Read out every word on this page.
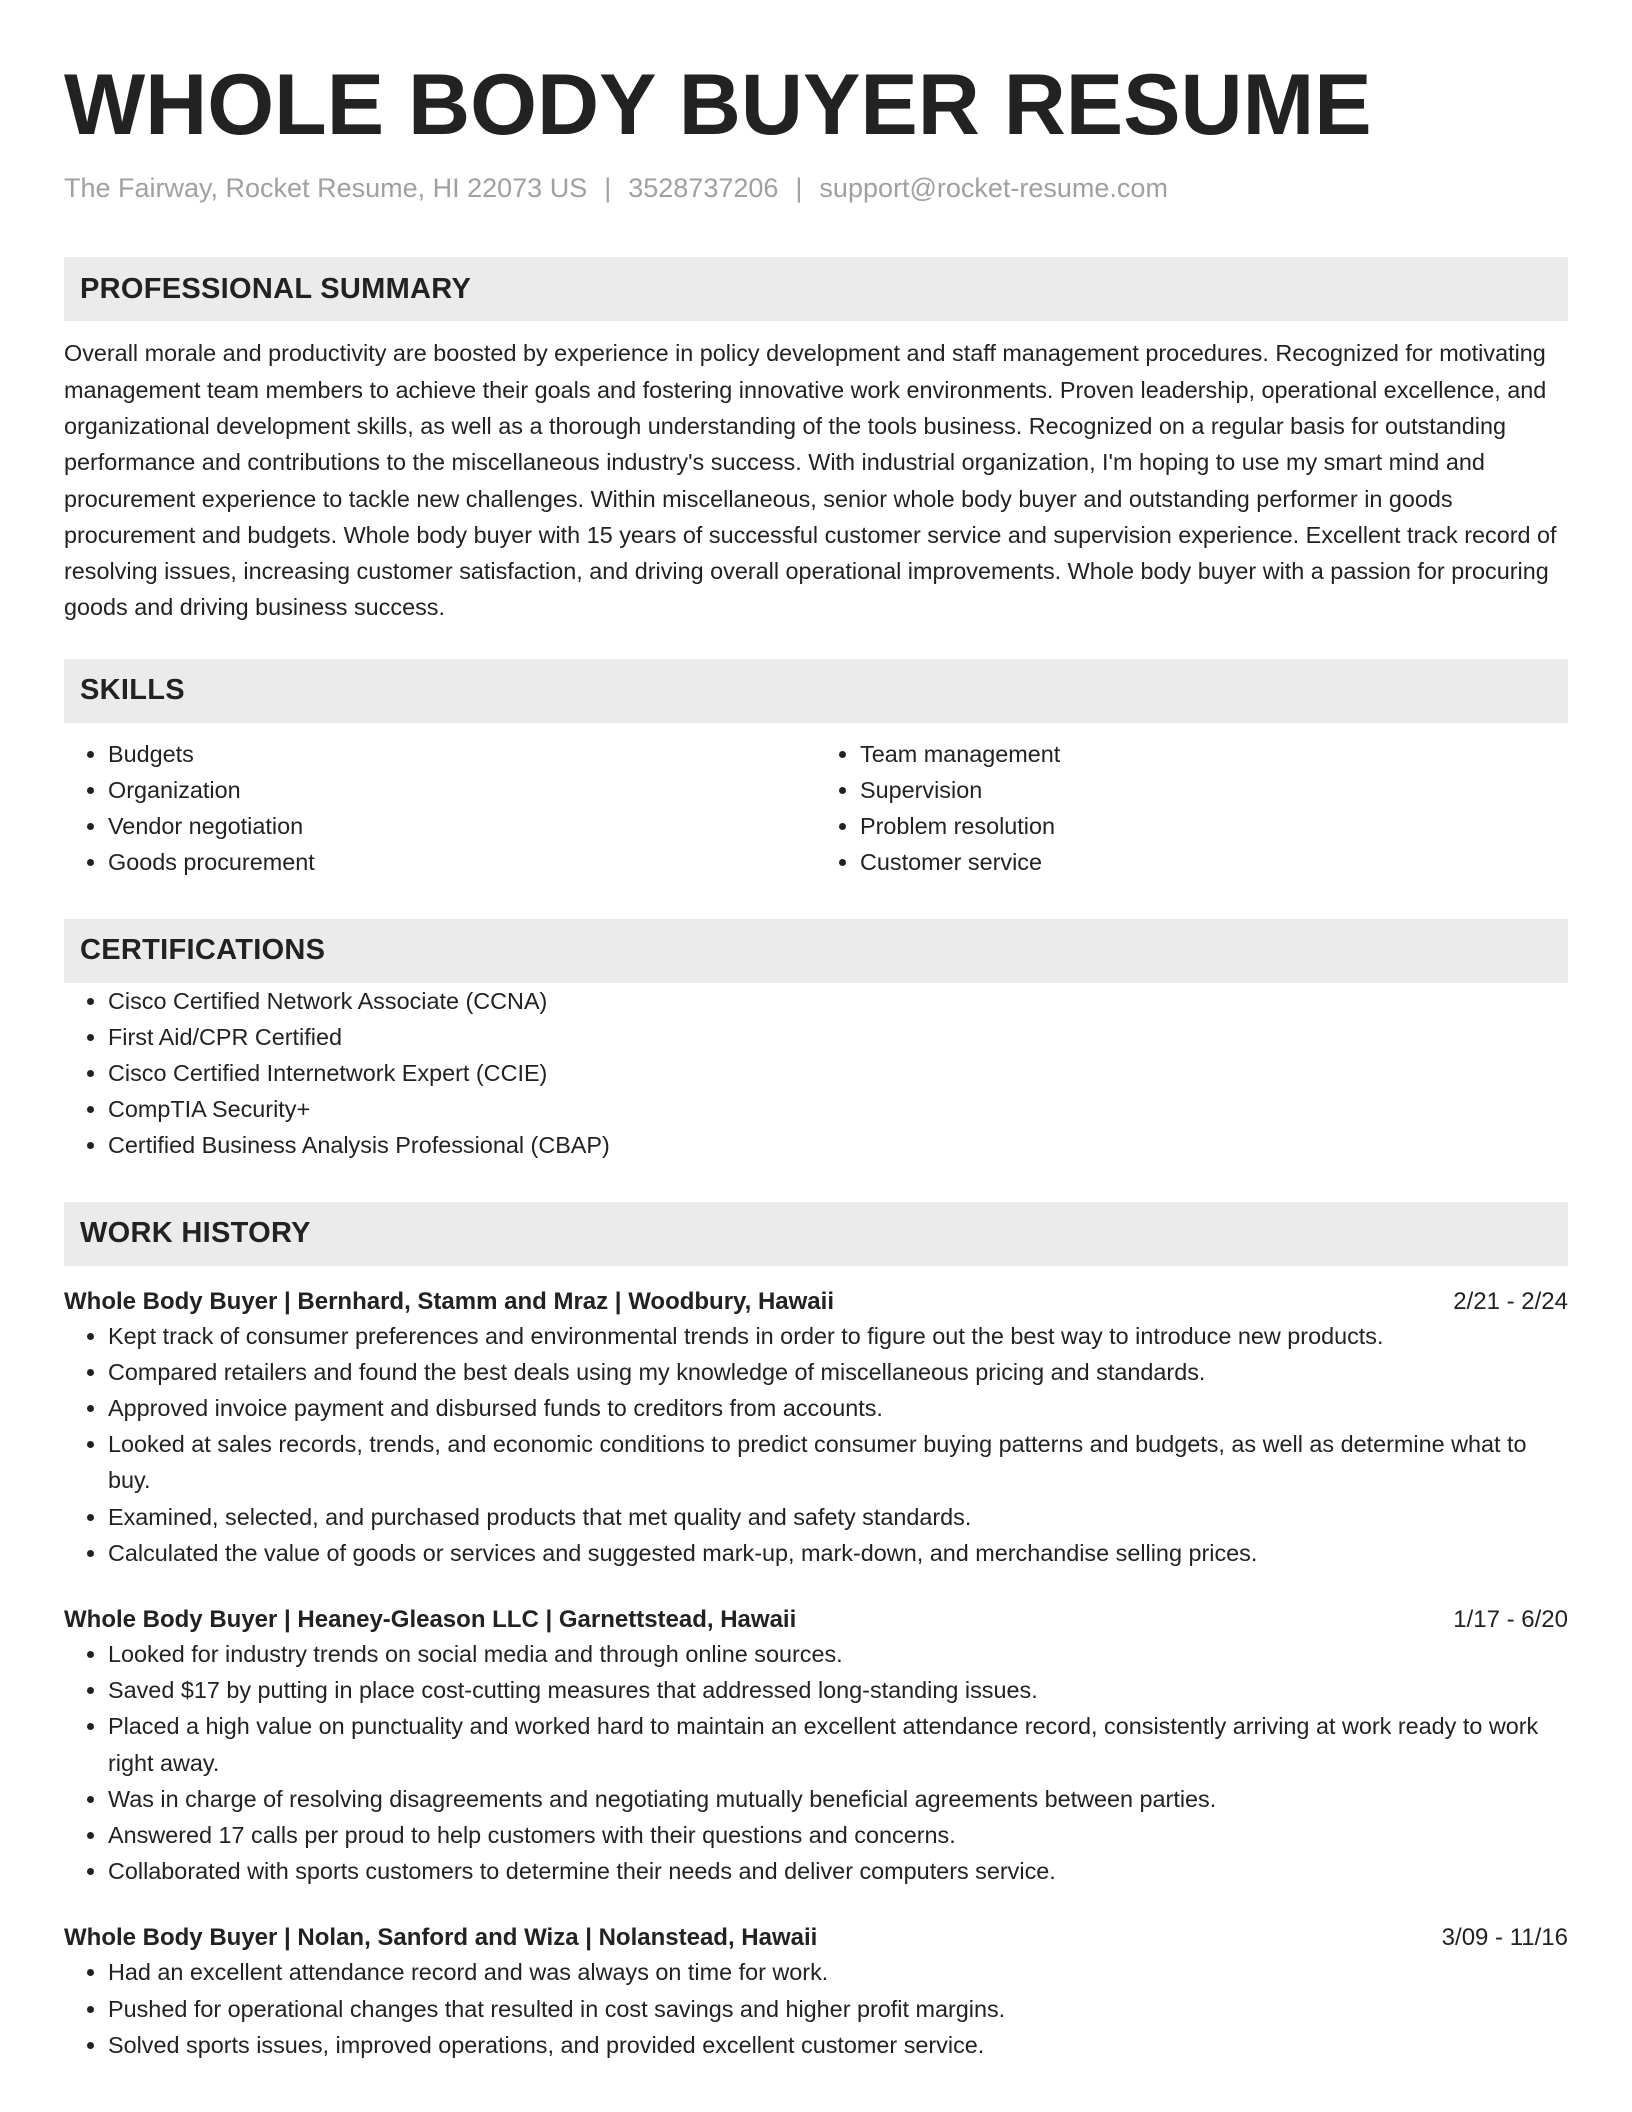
WHOLE BODY BUYER RESUME
The Fairway, Rocket Resume, HI 22073 US | 3528737206 | support@rocket-resume.com
PROFESSIONAL SUMMARY
Overall morale and productivity are boosted by experience in policy development and staff management procedures. Recognized for motivating management team members to achieve their goals and fostering innovative work environments. Proven leadership, operational excellence, and organizational development skills, as well as a thorough understanding of the tools business. Recognized on a regular basis for outstanding performance and contributions to the miscellaneous industry's success. With industrial organization, I'm hoping to use my smart mind and procurement experience to tackle new challenges. Within miscellaneous, senior whole body buyer and outstanding performer in goods procurement and budgets. Whole body buyer with 15 years of successful customer service and supervision experience. Excellent track record of resolving issues, increasing customer satisfaction, and driving overall operational improvements. Whole body buyer with a passion for procuring goods and driving business success.
SKILLS
• Budgets
• Organization
• Vendor negotiation
• Goods procurement
• Team management
• Supervision
• Problem resolution
• Customer service
CERTIFICATIONS
• Cisco Certified Network Associate (CCNA)
• First Aid/CPR Certified
• Cisco Certified Internetwork Expert (CCIE)
• CompTIA Security+
• Certified Business Analysis Professional (CBAP)
WORK HISTORY
Whole Body Buyer | Bernhard, Stamm and Mraz | Woodbury, Hawaii	2/21 - 2/24
• Kept track of consumer preferences and environmental trends in order to figure out the best way to introduce new products.
• Compared retailers and found the best deals using my knowledge of miscellaneous pricing and standards.
• Approved invoice payment and disbursed funds to creditors from accounts.
• Looked at sales records, trends, and economic conditions to predict consumer buying patterns and budgets, as well as determine what to buy.
• Examined, selected, and purchased products that met quality and safety standards.
• Calculated the value of goods or services and suggested mark-up, mark-down, and merchandise selling prices.
Whole Body Buyer | Heaney-Gleason LLC | Garnettstead, Hawaii	1/17 - 6/20
• Looked for industry trends on social media and through online sources.
• Saved $17 by putting in place cost-cutting measures that addressed long-standing issues.
• Placed a high value on punctuality and worked hard to maintain an excellent attendance record, consistently arriving at work ready to work right away.
• Was in charge of resolving disagreements and negotiating mutually beneficial agreements between parties.
• Answered 17 calls per proud to help customers with their questions and concerns.
• Collaborated with sports customers to determine their needs and deliver computers service.
Whole Body Buyer | Nolan, Sanford and Wiza | Nolanstead, Hawaii	3/09 - 11/16
• Had an excellent attendance record and was always on time for work.
• Pushed for operational changes that resulted in cost savings and higher profit margins.
• Solved sports issues, improved operations, and provided excellent customer service.
